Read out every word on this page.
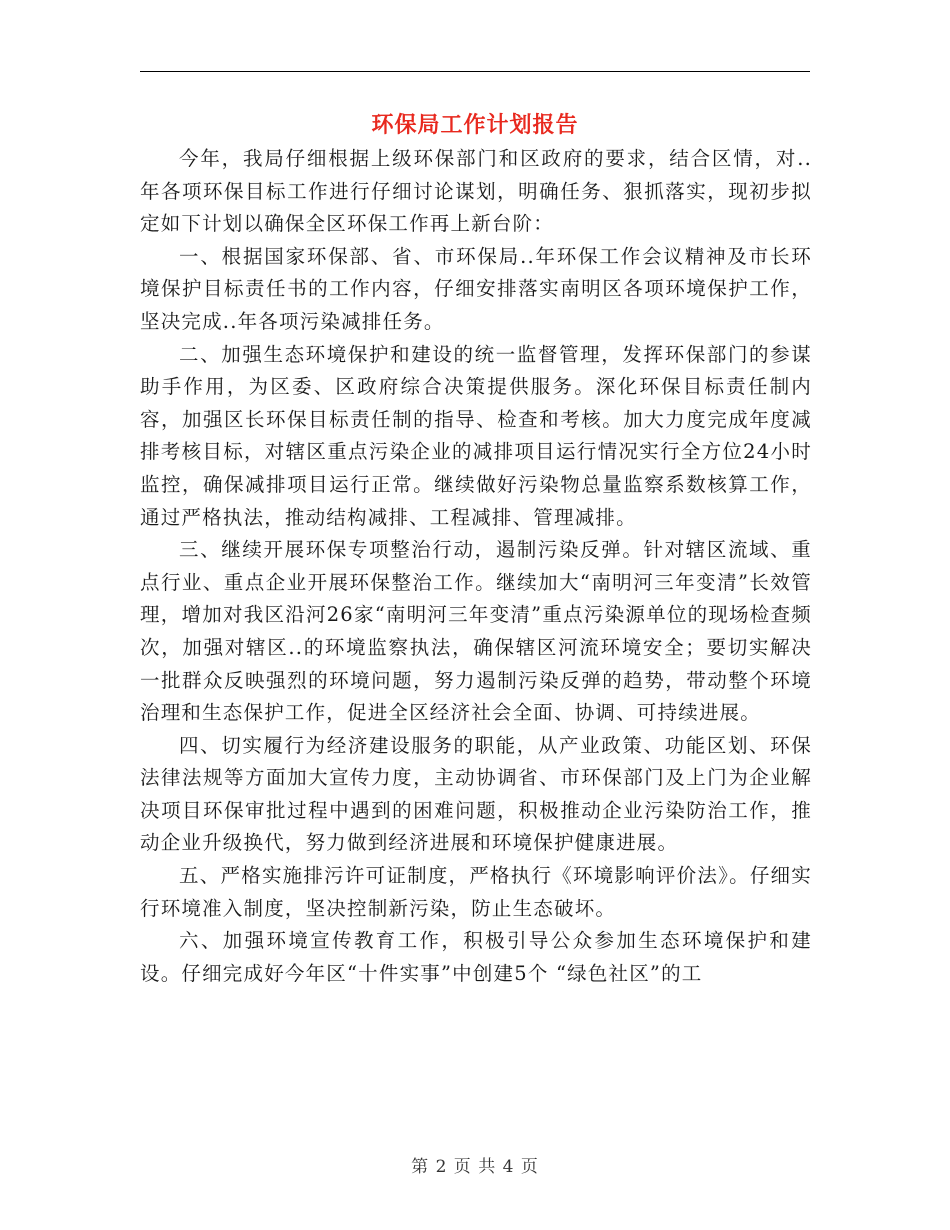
环保局工作计划报告

今年，我局仔细根据上级环保部门和区政府的要求，结合区情，对..年各项环保目标工作进行仔细讨论谋划，明确任务、狠抓落实，现初步拟定如下计划以确保全区环保工作再上新台阶：

一、根据国家环保部、省、市环保局..年环保工作会议精神及市长环境保护目标责任书的工作内容，仔细安排落实南明区各项环境保护工作，坚决完成..年各项污染减排任务。

二、加强生态环境保护和建设的统一监督管理，发挥环保部门的参谋助手作用，为区委、区政府综合决策提供服务。深化环保目标责任制内容，加强区长环保目标责任制的指导、检查和考核。加大力度完成年度减排考核目标，对辖区重点污染企业的减排项目运行情况实行全方位24小时监控，确保减排项目运行正常。继续做好污染物总量监察系数核算工作，通过严格执法，推动结构减排、工程减排、管理减排。

三、继续开展环保专项整治行动，遏制污染反弹。针对辖区流域、重点行业、重点企业开展环保整治工作。继续加大“南明河三年变清”长效管理，增加对我区沿河26家“南明河三年变清”重点污染源单位的现场检查频次，加强对辖区..的环境监察执法，确保辖区河流环境安全；要切实解决一批群众反映强烈的环境问题，努力遏制污染反弹的趋势，带动整个环境治理和生态保护工作，促进全区经济社会全面、协调、可持续进展。

四、切实履行为经济建设服务的职能，从产业政策、功能区划、环保法律法规等方面加大宣传力度，主动协调省、市环保部门及上门为企业解决项目环保审批过程中遇到的困难问题，积极推动企业污染防治工作，推动企业升级换代，努力做到经济进展和环境保护健康进展。

五、严格实施排污许可证制度，严格执行《环境影响评价法》。仔细实行环境准入制度，坚决控制新污染，防止生态破坏。

六、加强环境宣传教育工作，积极引导公众参加生态环境保护和建设。仔细完成好今年区“十件实事”中创建5个 “绿色社区”的工

第 2 页 共 4 页
